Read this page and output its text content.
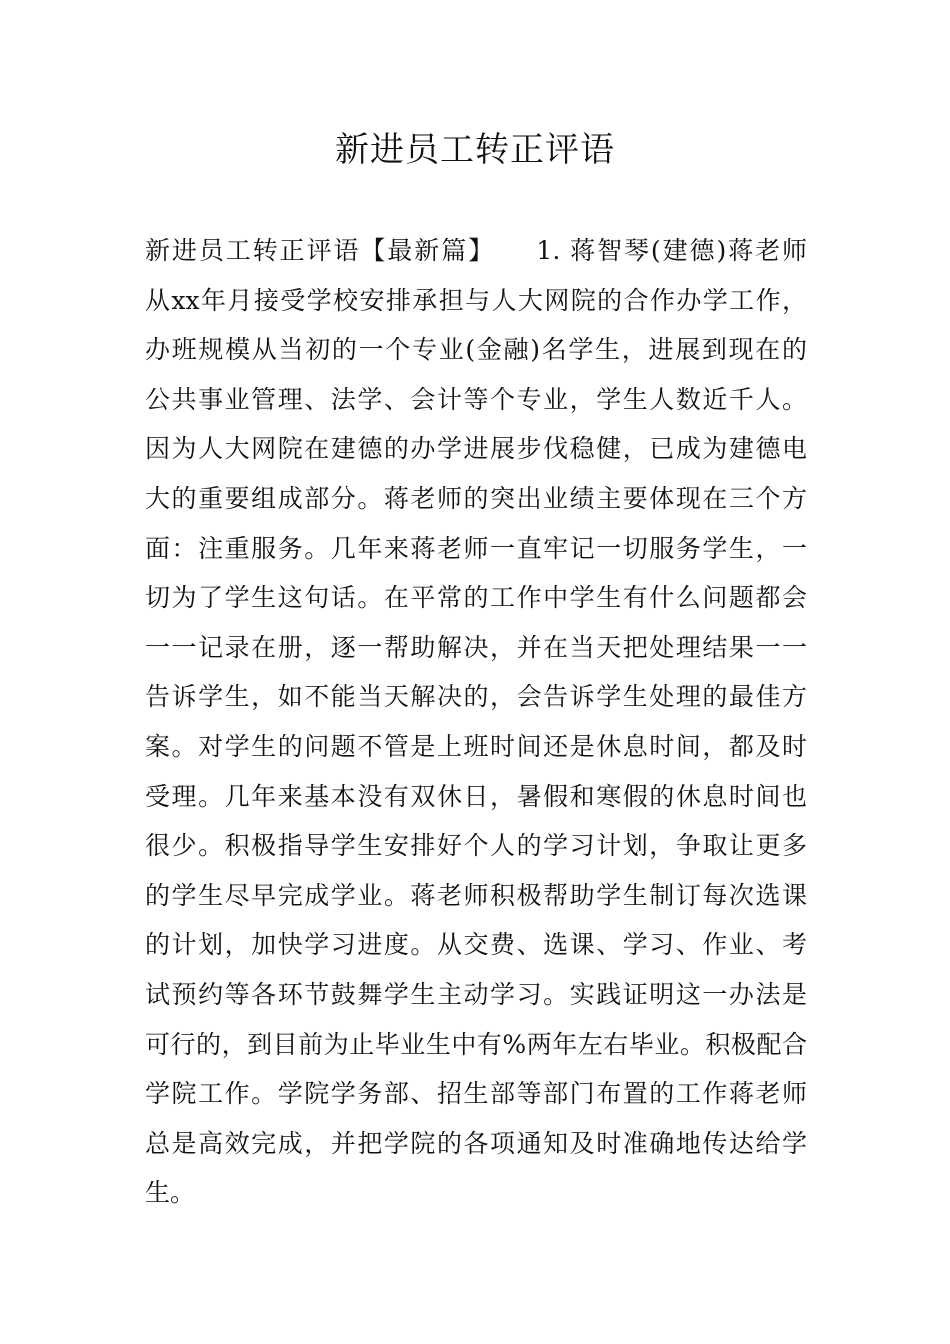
新进员工转正评语
新进员工转正评语【最新篇】　　1. 蒋智琴(建德)蒋老师
从xx年月接受学校安排承担与人大网院的合作办学工作，
办班规模从当初的一个专业(金融)名学生，进展到现在的
公共事业管理、法学、会计等个专业，学生人数近千人。
因为人大网院在建德的办学进展步伐稳健，已成为建德电
大的重要组成部分。蒋老师的突出业绩主要体现在三个方
面：注重服务。几年来蒋老师一直牢记一切服务学生，一
切为了学生这句话。在平常的工作中学生有什么问题都会
一一记录在册，逐一帮助解决，并在当天把处理结果一一
告诉学生，如不能当天解决的，会告诉学生处理的最佳方
案。对学生的问题不管是上班时间还是休息时间，都及时
受理。几年来基本没有双休日，暑假和寒假的休息时间也
很少。积极指导学生安排好个人的学习计划，争取让更多
的学生尽早完成学业。蒋老师积极帮助学生制订每次选课
的计划，加快学习进度。从交费、选课、学习、作业、考
试预约等各环节鼓舞学生主动学习。实践证明这一办法是
可行的，到目前为止毕业生中有%两年左右毕业。积极配合
学院工作。学院学务部、招生部等部门布置的工作蒋老师
总是高效完成，并把学院的各项通知及时准确地传达给学
生。
